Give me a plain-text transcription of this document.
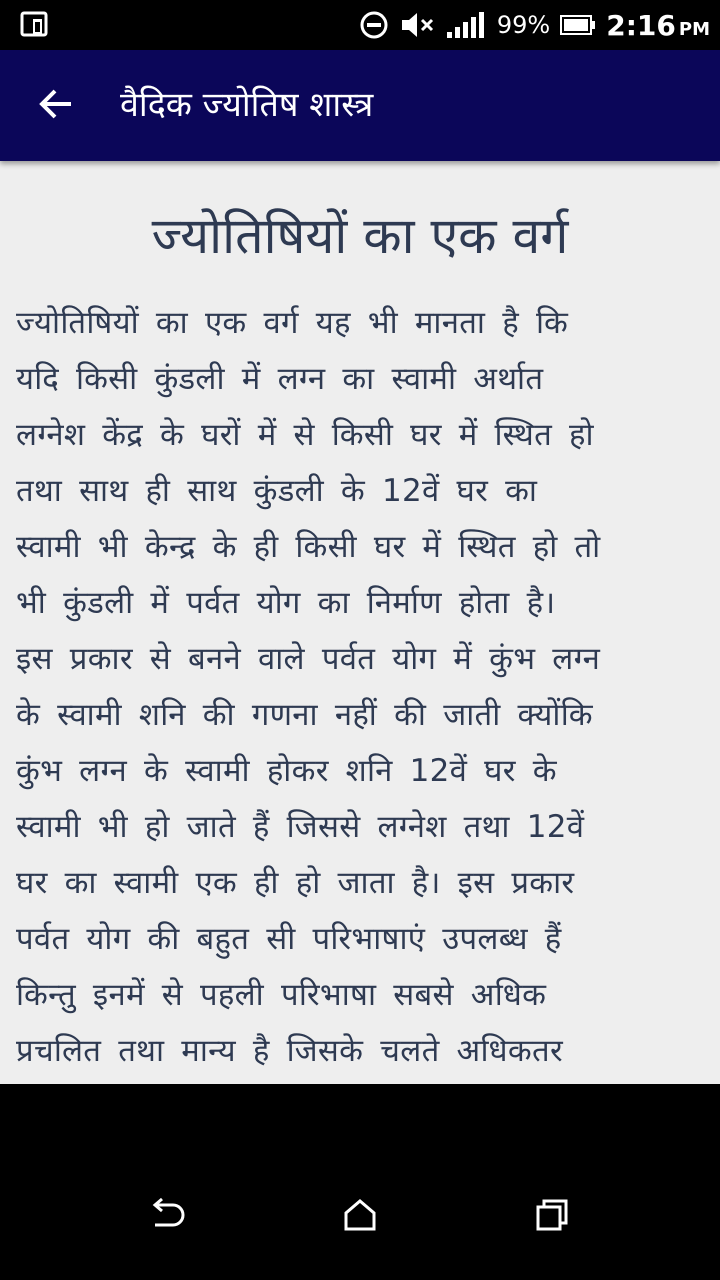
99% 2:16 PM
वैदिक ज्योतिष शास्त्र
ज्योतिषियों का एक वर्ग
ज्योतिषियों का एक वर्ग यह भी मानता है कि
यदि किसी कुंडली में लग्न का स्वामी अर्थात
लग्नेश केंद्र के घरों में से किसी घर में स्थित हो
तथा साथ ही साथ कुंडली के 12वें घर का
स्वामी भी केन्द्र के ही किसी घर में स्थित हो तो
भी कुंडली में पर्वत योग का निर्माण होता है।
इस प्रकार से बनने वाले पर्वत योग में कुंभ लग्न
के स्वामी शनि की गणना नहीं की जाती क्योंकि
कुंभ लग्न के स्वामी होकर शनि 12वें घर के
स्वामी भी हो जाते हैं जिससे लग्नेश तथा 12वें
घर का स्वामी एक ही हो जाता है। इस प्रकार
पर्वत योग की बहुत सी परिभाषाएं उपलब्ध हैं
किन्तु इनमें से पहली परिभाषा सबसे अधिक
प्रचलित तथा मान्य है जिसके चलते अधिकतर
